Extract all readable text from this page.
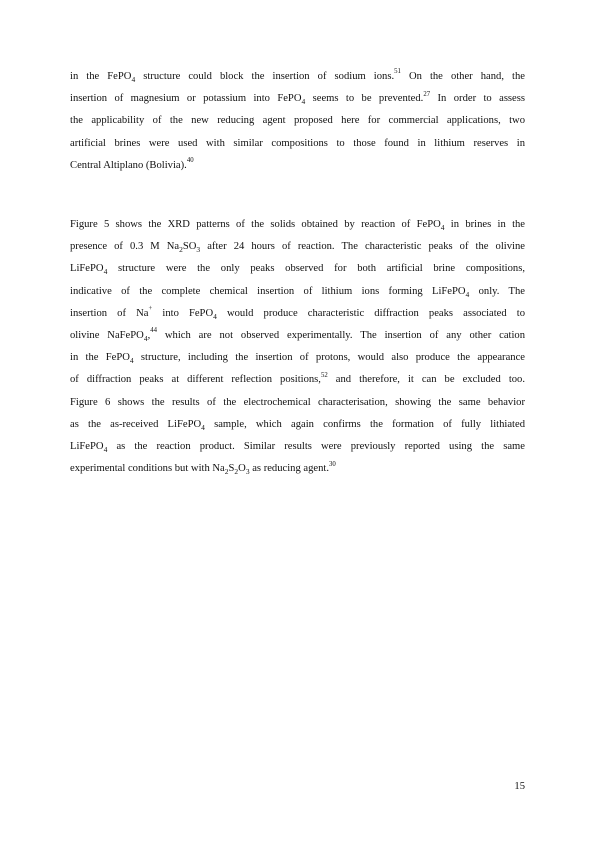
in the FePO$_4$ structure could block the insertion of sodium ions.$^{51}$ On the other hand, the
insertion of magnesium or potassium into FePO$_4$ seems to be prevented.$^{27}$ In order to assess
the applicability of the new reducing agent proposed here for commercial applications, two
artificial brines were used with similar compositions to those found in lithium reserves in
Central Altiplano (Bolivia).$^{40}$
Figure 5 shows the XRD patterns of the solids obtained by reaction of FePO$_4$ in brines in the
presence of 0.3 M $Na_2SO_3$ after 24 hours of reaction. The characteristic peaks of the olivine
LiFePO$_4$ structure were the only peaks observed for both artificial brine compositions,
indicative of the complete chemical insertion of lithium ions forming LiFePO$_4$ only. The
insertion of Na+ into FePO$_4$ would produce characteristic diffraction peaks associated to
olivine NaFePO$_4$,$^{44}$ which are not observed experimentally. The insertion of any other cation
in the FePO$_4$ structure, including the insertion of protons, would also produce the appearance
of diffraction peaks at different reflection positions,$^{52}$ and therefore, it can be excluded too.
Figure 6 shows the results of the electrochemical characterisation, showing the same behavior
as the as-received LiFePO$_4$ sample, which again confirms the formation of fully lithiated
LiFePO$_4$ as the reaction product. Similar results were previously reported using the same
experimental conditions but with $Na_2S_2O_3$ as reducing agent.$^{30}$
15
